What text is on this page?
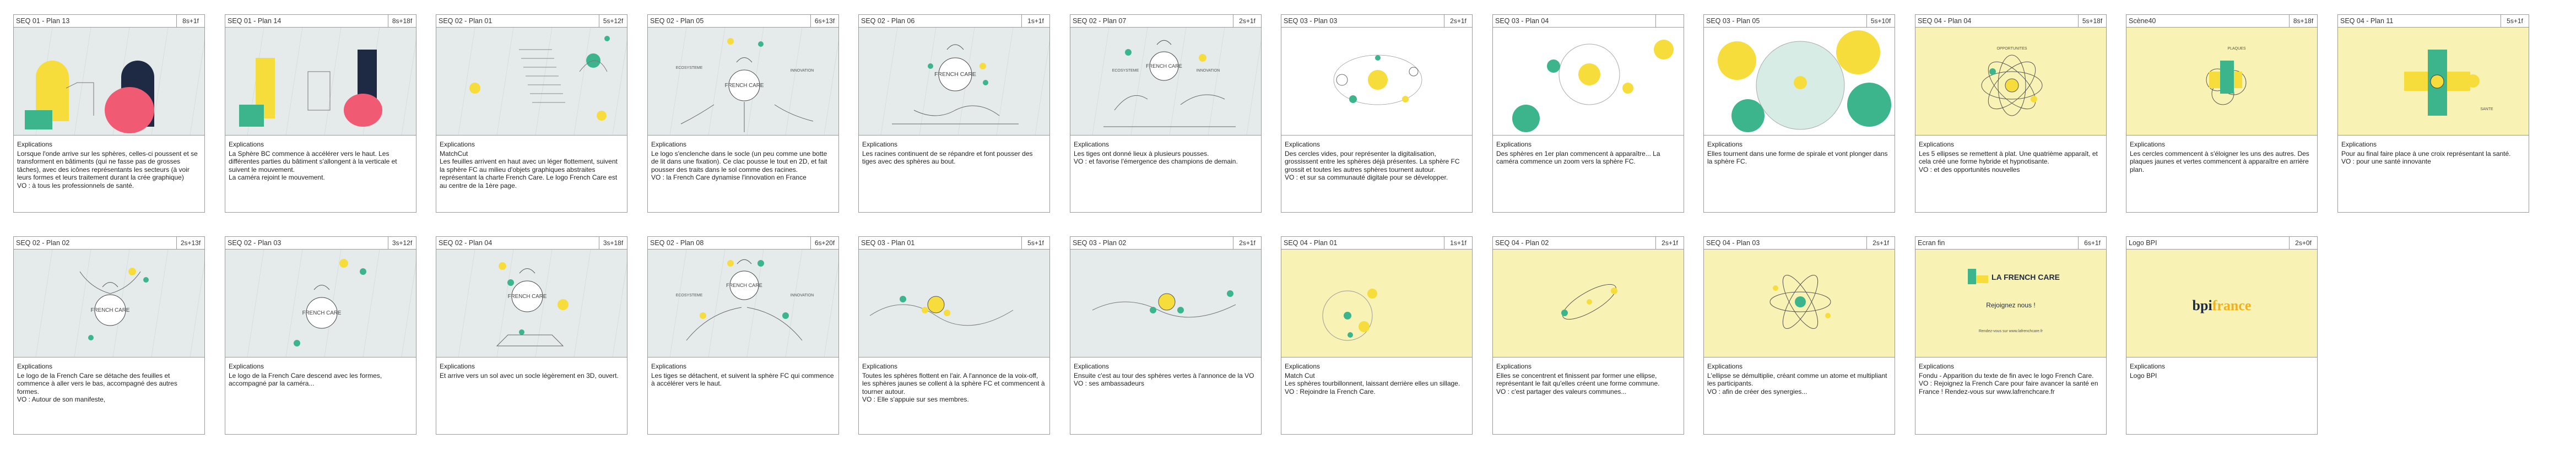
SEQ 01 - Plan 13	8s+1f
Explications
Lorsque l'onde arrive sur les sphères, celles-ci poussent et se transforment en bâtiments (qui ne fasse pas de grosses tâches), avec des icônes représentants les secteurs (à voir leurs formes et leurs traitement durant la crée graphique)
VO : à tous les professionnels de santé.
SEQ 01 - Plan 14	8s+18f
Explications
La Sphère BC commence à accélérer vers le haut. Les différentes parties du bâtiment s'allongent à la verticale et suivent le mouvement.
La caméra rejoint le mouvement.
SEQ 02 - Plan 01	5s+12f
Explications
MatchCut
Les feuilles arrivent en haut avec un léger flottement, suivent la sphère FC au milieu d'objets graphiques abstraites représentant la charte French Care. Le logo French Care est au centre de la 1ère page.
SEQ 02 - Plan 05	6s+13f
FRENCH CARE
ECOSYSTEME
INNOVATION
Explications
Le logo s'enclenche dans le socle (un peu comme une botte de lit dans une fixation). Ce clac pousse le tout en 2D, et fait pousser des traits dans le sol comme des racines.
VO : la French Care dynamise l'innovation en France
SEQ 02 - Plan 06	1s+1f
FRENCH CARE
Explications
Les racines continuent de se répandre et font pousser des tiges avec des sphères au bout.
SEQ 02 - Plan 07	2s+1f
FRENCH CARE
ECOSYSTEME	INNOVATION
Explications
Les tiges ont donné lieux à plusieurs pousses.
VO : et favorise l'émergence des champions de demain.
SEQ 03 - Plan 03	2s+1f
Explications
Des cercles vides, pour représenter la digitalisation, grossissent entre les sphères déjà présentes. La sphère FC grossit et toutes les autres sphères tournent autour.
VO : et sur sa communauté digitale pour se développer.
SEQ 03 - Plan 04
Explications
Des sphères en 1er plan commencent à apparaître... La caméra commence un zoom vers la sphère FC.
SEQ 03 - Plan 05	5s+10f
Explications
Elles tournent dans une forme de spirale et vont plonger dans la sphère FC.
SEQ 04 - Plan 04	5s+18f
OPPORTUNITES
Explications
Les 5 ellipses se remettent à plat. Une quatrième apparaît, et cela créé une forme hybride et hypnotisante.
VO : et des opportunités nouvelles
Scène40	8s+18f
PLAQUES
Explications
Les cercles commencent à s'éloigner les uns des autres. Des plaques jaunes et vertes commencent à apparaître en arrière plan.
SEQ 04 - Plan 11	5s+1f
SANTE
Explications
Pour au final faire place à une croix représentant la santé.
VO : pour une santé innovante
SEQ 02 - Plan 02	2s+13f
FRENCH CARE
Explications
Le logo de la French Care se détache des feuilles et commence à aller vers le bas, accompagné des autres formes.
VO : Autour de son manifeste,
SEQ 02 - Plan 03	3s+12f
FRENCH CARE
Explications
Le logo de la French Care descend avec les formes, accompagné par la caméra...
SEQ 02 - Plan 04	3s+18f
FRENCH CARE
Explications
Et arrive vers un sol avec un socle légèrement en 3D, ouvert.
SEQ 02 - Plan 08	6s+20f
FRENCH CARE
ECOSYSTEME	INNOVATION
Explications
Les tiges se détachent, et suivent la sphère FC qui commence à accélérer vers le haut.
SEQ 03 - Plan 01	5s+1f
Explications
Toutes les sphères flottent en l'air. A l'annonce de la voix-off, les sphères jaunes se collent à la sphère FC et commencent à tourner autour.
VO : Elle s'appuie sur ses membres.
SEQ 03 - Plan 02	2s+1f
Explications
Ensuite c'est au tour des sphères vertes à l'annonce de la VO
VO : ses ambassadeurs
SEQ 04 - Plan 01	1s+1f
Explications
Match Cut
Les sphères tourbillonnent, laissant derrière elles un sillage.
VO : Rejoindre la French Care.
SEQ 04 - Plan 02	2s+1f
Explications
Elles se concentrent et finissent par former une ellipse, représentant le fait qu'elles créent une forme commune.
VO : c'est partager des valeurs communes...
SEQ 04 - Plan 03	2s+1f
Explications
L'ellipse se démultiplie, créant comme un atome et multipliant les participants.
VO : afin de créer des synergies...
Ecran fin	6s+1f
LA FRENCH CARE
Rejoignez nous !
Rendez-vous sur www.lafrenchcare.fr
Explications
Fondu - Apparition du texte de fin avec le logo French Care.
VO : Rejoignez la French Care pour faire avancer la santé en France ! Rendez-vous sur www.lafrenchcare.fr
Logo BPI	2s+0f
bpifrance
Explications
Logo BPI
